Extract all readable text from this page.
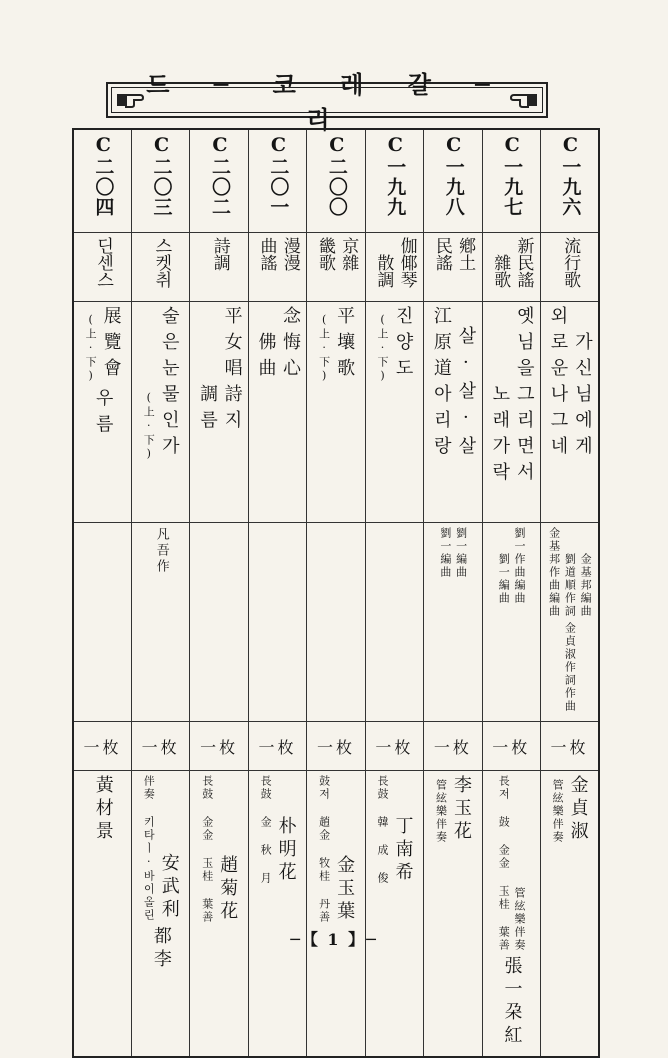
드 ─ 코 레 갈 ─ 리
C二〇四	C二〇三	C二〇二	C二〇一	C二〇〇	C一九九	C一九八	C一九七	C一九六
딘센스	스켓취	詩調	曲謠 漫漫	畿歌 京雜	散調 伽倻琴	民謠 鄕土	雜歌 新民謠	流行歌
(上·下) 展覽會우름	(上·下) 술은눈물인가	調름 平女唱詩지	佛曲 念悔心	(上·下) 平壤歌	(上·下) 진양도	江原道아리랑 살·살·살	노래가락 옛님을그리면서	외로운나그네 가신님에게
	凡吾作					劉一編曲 劉一編曲	劉一編曲 劉一作曲編曲	金基邦作曲編曲 劉道順作詞 金基邦編曲金貞淑作詞作曲
一枚	一枚	一枚	一枚	一枚	一枚	一枚	一枚	一枚
黃材景	伴奏 키타ㅣ·바이올린 安武利都李	長鼓 金金 玉桂 葉善 趙菊花	長鼓 金 秋 月 朴明花	鼓저 趙金 牧桂 丹善 金玉葉	長鼓 韓 成 俊 丁南希	管絃樂伴奏 李玉花	長저 鼓 金金 玉桂 葉善 管絃樂伴奏張一朶紅	管絃樂伴奏 金貞淑
─【 1 】─
